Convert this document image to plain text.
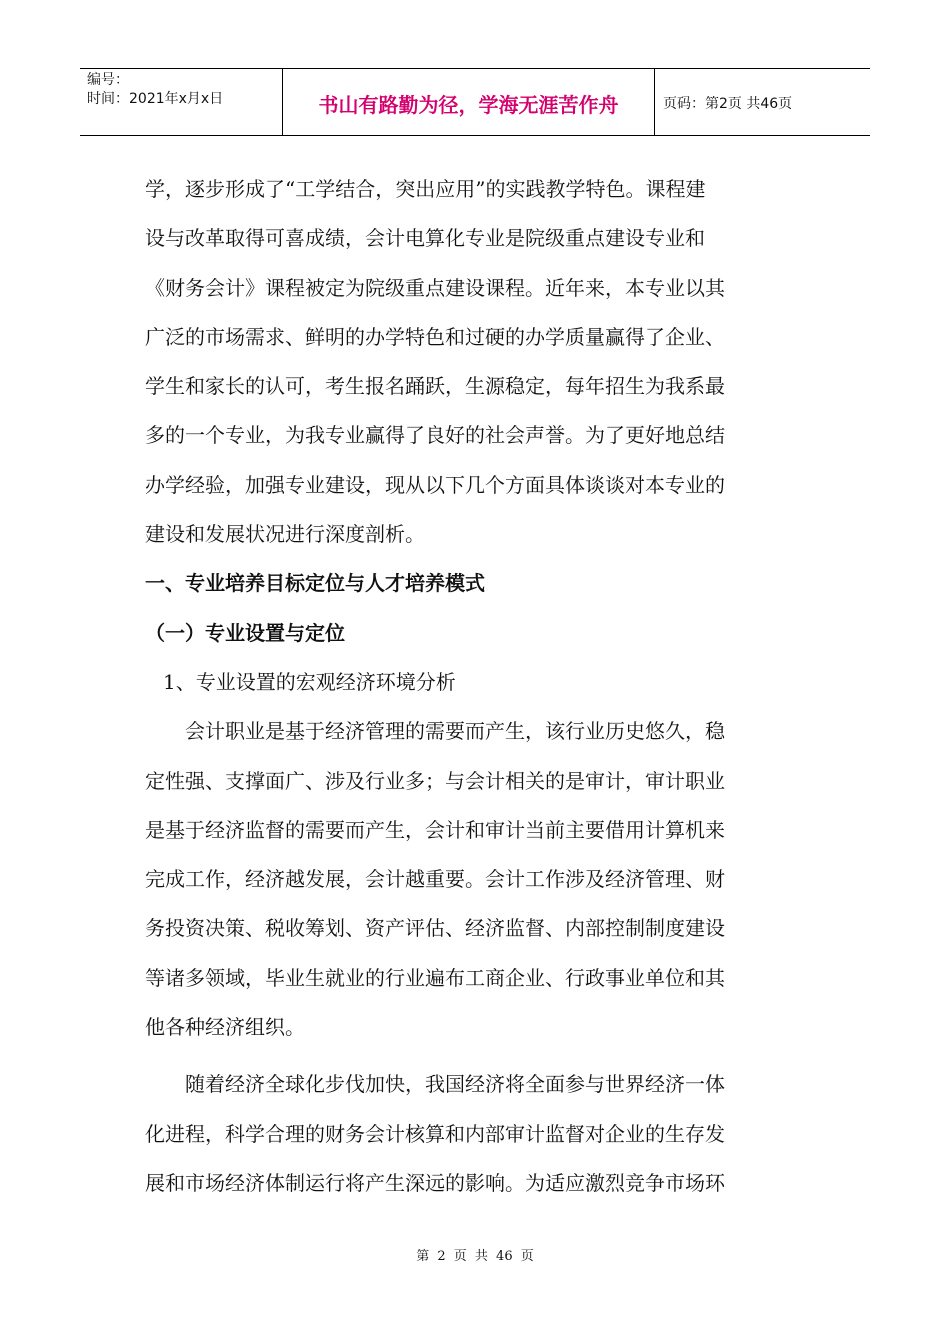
编号：
时间：2021年x月x日	书山有路勤为径，学海无涯苦作舟	页码：第2页 共46页

学，逐步形成了“工学结合，突出应用”的实践教学特色。课程建

设与改革取得可喜成绩，会计电算化专业是院级重点建设专业和

《财务会计》课程被定为院级重点建设课程。近年来，本专业以其

广泛的市场需求、鲜明的办学特色和过硬的办学质量赢得了企业、

学生和家长的认可，考生报名踊跃，生源稳定，每年招生为我系最

多的一个专业，为我专业赢得了良好的社会声誉。为了更好地总结

办学经验，加强专业建设，现从以下几个方面具体谈谈对本专业的

建设和发展状况进行深度剖析。

一、专业培养目标定位与人才培养模式

（一）专业设置与定位

1、专业设置的宏观经济环境分析

会计职业是基于经济管理的需要而产生，该行业历史悠久，稳

定性强、支撑面广、涉及行业多；与会计相关的是审计，审计职业

是基于经济监督的需要而产生，会计和审计当前主要借用计算机来

完成工作，经济越发展，会计越重要。会计工作涉及经济管理、财

务投资决策、税收筹划、资产评估、经济监督、内部控制制度建设

等诸多领域，毕业生就业的行业遍布工商企业、行政事业单位和其

他各种经济组织。

随着经济全球化步伐加快，我国经济将全面参与世界经济一体

化进程，科学合理的财务会计核算和内部审计监督对企业的生存发

展和市场经济体制运行将产生深远的影响。为适应激烈竞争市场环

第 2 页 共 46 页
